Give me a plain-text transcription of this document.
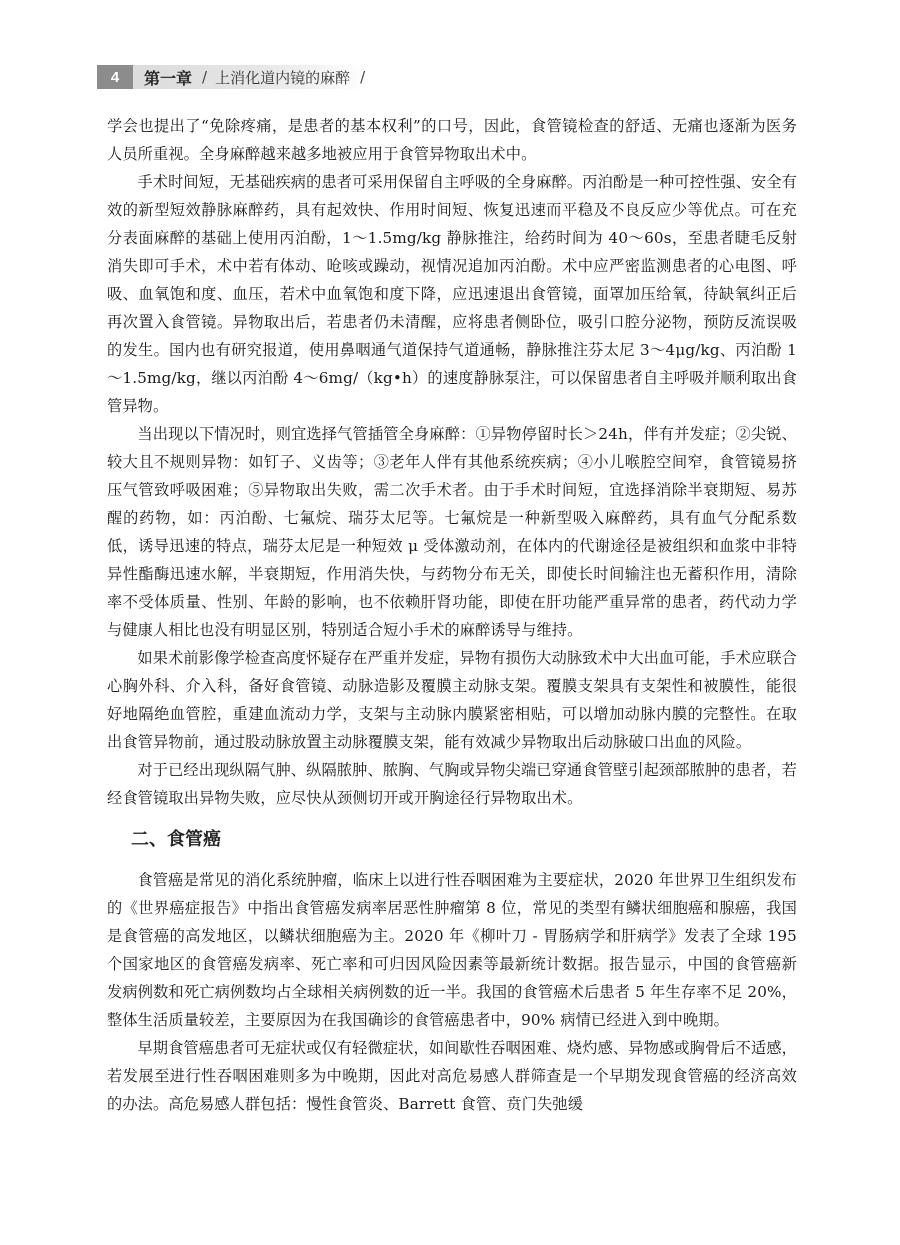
4	第一章 / 上消化道内镜的麻醉 /

学会也提出了“免除疼痛，是患者的基本权利”的口号，因此，食管镜检查的舒适、无痛也逐渐为医务人员所重视。全身麻醉越来越多地被应用于食管异物取出术中。

手术时间短，无基础疾病的患者可采用保留自主呼吸的全身麻醉。丙泊酚是一种可控性强、安全有效的新型短效静脉麻醉药，具有起效快、作用时间短、恢复迅速而平稳及不良反应少等优点。可在充分表面麻醉的基础上使用丙泊酚，1～1.5mg/kg 静脉推注，给药时间为 40～60s，至患者睫毛反射消失即可手术，术中若有体动、呛咳或躁动，视情况追加丙泊酚。术中应严密监测患者的心电图、呼吸、血氧饱和度、血压，若术中血氧饱和度下降，应迅速退出食管镜，面罩加压给氧，待缺氧纠正后再次置入食管镜。异物取出后，若患者仍未清醒，应将患者侧卧位，吸引口腔分泌物，预防反流误吸的发生。国内也有研究报道，使用鼻咽通气道保持气道通畅，静脉推注芬太尼 3～4μg/kg、丙泊酚 1～1.5mg/kg，继以丙泊酚 4～6mg/（kg•h）的速度静脉泵注，可以保留患者自主呼吸并顺利取出食管异物。

当出现以下情况时，则宜选择气管插管全身麻醉：①异物停留时长＞24h，伴有并发症；②尖锐、较大且不规则异物：如钉子、义齿等；③老年人伴有其他系统疾病；④小儿喉腔空间窄，食管镜易挤压气管致呼吸困难；⑤异物取出失败，需二次手术者。由于手术时间短，宜选择消除半衰期短、易苏醒的药物，如：丙泊酚、七氟烷、瑞芬太尼等。七氟烷是一种新型吸入麻醉药，具有血气分配系数低，诱导迅速的特点，瑞芬太尼是一种短效 μ 受体激动剂，在体内的代谢途径是被组织和血浆中非特异性酯酶迅速水解，半衰期短，作用消失快，与药物分布无关，即使长时间输注也无蓄积作用，清除率不受体质量、性别、年龄的影响，也不依赖肝肾功能，即使在肝功能严重异常的患者，药代动力学与健康人相比也没有明显区别，特别适合短小手术的麻醉诱导与维持。

如果术前影像学检查高度怀疑存在严重并发症，异物有损伤大动脉致术中大出血可能，手术应联合心胸外科、介入科，备好食管镜、动脉造影及覆膜主动脉支架。覆膜支架具有支架性和被膜性，能很好地隔绝血管腔，重建血流动力学，支架与主动脉内膜紧密相贴，可以增加动脉内膜的完整性。在取出食管异物前，通过股动脉放置主动脉覆膜支架，能有效减少异物取出后动脉破口出血的风险。

对于已经出现纵隔气肿、纵隔脓肿、脓胸、气胸或异物尖端已穿通食管壁引起颈部脓肿的患者，若经食管镜取出异物失败，应尽快从颈侧切开或开胸途径行异物取出术。

二、食管癌

食管癌是常见的消化系统肿瘤，临床上以进行性吞咽困难为主要症状，2020 年世界卫生组织发布的《世界癌症报告》中指出食管癌发病率居恶性肿瘤第 8 位，常见的类型有鳞状细胞癌和腺癌，我国是食管癌的高发地区，以鳞状细胞癌为主。2020 年《柳叶刀 - 胃肠病学和肝病学》发表了全球 195 个国家地区的食管癌发病率、死亡率和可归因风险因素等最新统计数据。报告显示，中国的食管癌新发病例数和死亡病例数均占全球相关病例数的近一半。我国的食管癌术后患者 5 年生存率不足 20%，整体生活质量较差，主要原因为在我国确诊的食管癌患者中，90% 病情已经进入到中晚期。

早期食管癌患者可无症状或仅有轻微症状，如间歇性吞咽困难、烧灼感、异物感或胸骨后不适感，若发展至进行性吞咽困难则多为中晚期，因此对高危易感人群筛查是一个早期发现食管癌的经济高效的办法。高危易感人群包括：慢性食管炎、Barrett 食管、贲门失弛缓
